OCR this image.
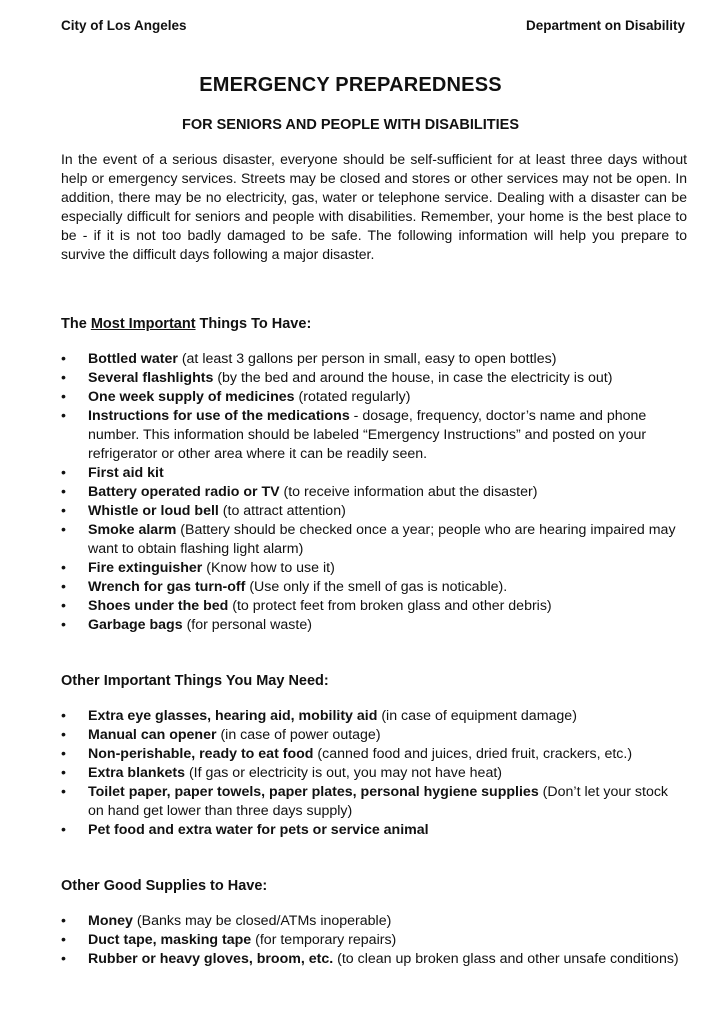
City of Los Angeles	Department on Disability
EMERGENCY PREPAREDNESS
FOR SENIORS AND PEOPLE WITH DISABILITIES
In the event of a serious disaster, everyone should be self-sufficient for at least three days without help or emergency services. Streets may be closed and stores or other services may not be open. In addition, there may be no electricity, gas, water or telephone service. Dealing with a disaster can be especially difficult for seniors and people with disabilities. Remember, your home is the best place to be - if it is not too badly damaged to be safe. The following information will help you prepare to survive the difficult days following a major disaster.
The Most Important Things To Have:
• Bottled water (at least 3 gallons per person in small, easy to open bottles)
• Several flashlights (by the bed and around the house, in case the electricity is out)
• One week supply of medicines (rotated regularly)
• Instructions for use of the medications - dosage, frequency, doctor’s name and phone number. This information should be labeled “Emergency Instructions” and posted on your refrigerator or other area where it can be readily seen.
• First aid kit
• Battery operated radio or TV (to receive information abut the disaster)
• Whistle or loud bell (to attract attention)
• Smoke alarm (Battery should be checked once a year; people who are hearing impaired may want to obtain flashing light alarm)
• Fire extinguisher (Know how to use it)
• Wrench for gas turn-off (Use only if the smell of gas is noticable).
• Shoes under the bed (to protect feet from broken glass and other debris)
• Garbage bags (for personal waste)
Other Important Things You May Need:
• Extra eye glasses, hearing aid, mobility aid (in case of equipment damage)
• Manual can opener (in case of power outage)
• Non-perishable, ready to eat food (canned food and juices, dried fruit, crackers, etc.)
• Extra blankets (If gas or electricity is out, you may not have heat)
• Toilet paper, paper towels, paper plates, personal hygiene supplies (Don’t let your stock on hand get lower than three days supply)
• Pet food and extra water for pets or service animal
Other Good Supplies to Have:
• Money (Banks may be closed/ATMs inoperable)
• Duct tape, masking tape (for temporary repairs)
• Rubber or heavy gloves, broom, etc. (to clean up broken glass and other unsafe conditions)
